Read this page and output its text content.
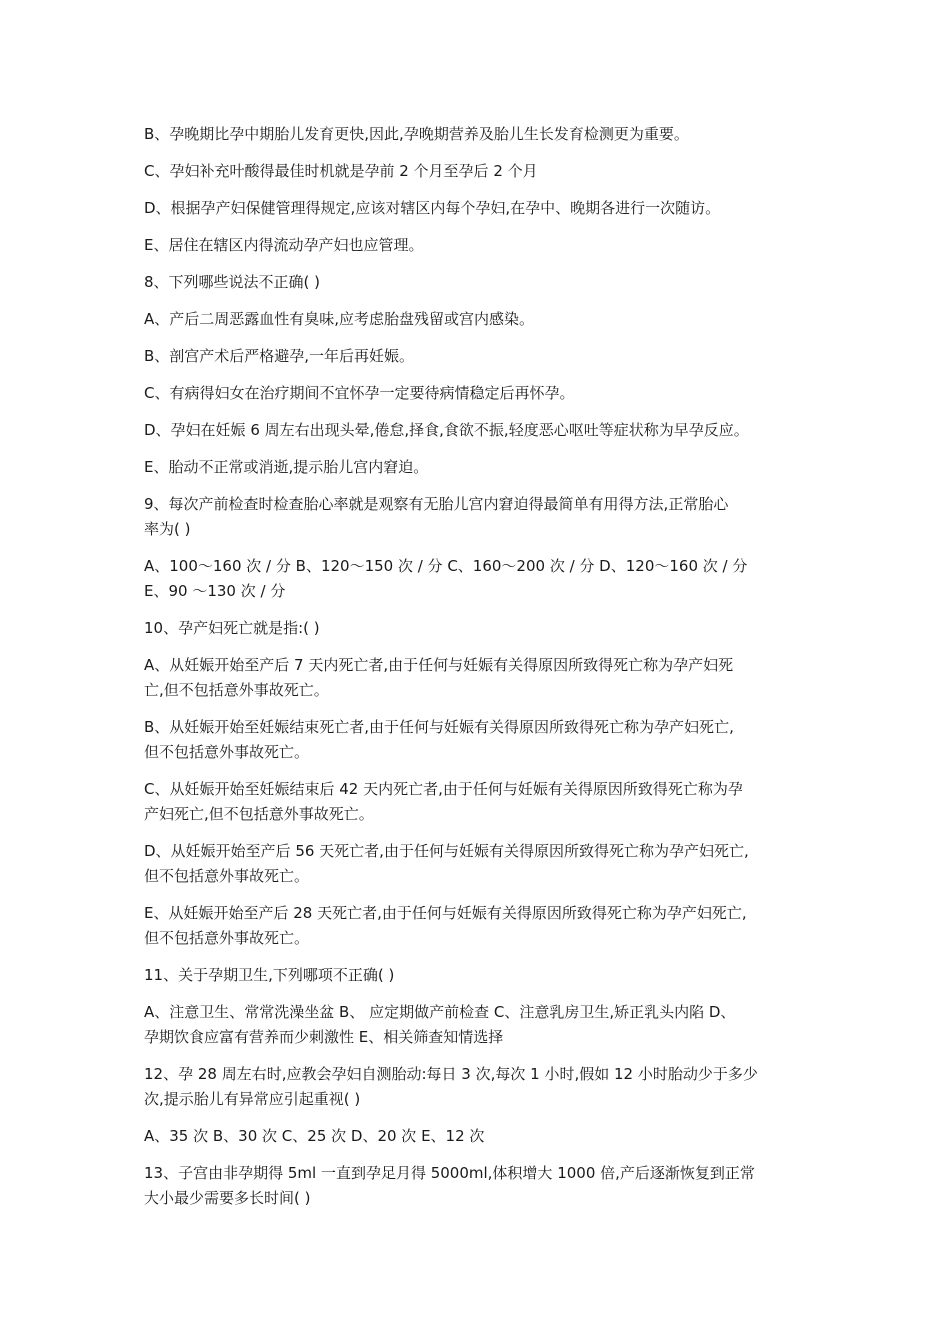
B、孕晚期比孕中期胎儿发育更快,因此,孕晚期营养及胎儿生长发育检测更为重要。

C、孕妇补充叶酸得最佳时机就是孕前 2 个月至孕后 2 个月

D、根据孕产妇保健管理得规定,应该对辖区内每个孕妇,在孕中、晚期各进行一次随访。

E、居住在辖区内得流动孕产妇也应管理。

8、下列哪些说法不正确( )

A、产后二周恶露血性有臭味,应考虑胎盘残留或宫内感染。

B、剖宫产术后严格避孕,一年后再妊娠。

C、有病得妇女在治疗期间不宜怀孕一定要待病情稳定后再怀孕。

D、孕妇在妊娠 6 周左右出现头晕,倦怠,择食,食欲不振,轻度恶心呕吐等症状称为早孕反应。

E、胎动不正常或消逝,提示胎儿宫内窘迫。

9、每次产前检查时检查胎心率就是观察有无胎儿宫内窘迫得最简单有用得方法,正常胎心
率为( )

A、100～160 次 / 分 B、120～150 次 / 分 C、160～200 次 / 分 D、120～160 次 / 分
E、90 ～130 次 / 分

10、孕产妇死亡就是指:( )

A、从妊娠开始至产后 7 天内死亡者,由于任何与妊娠有关得原因所致得死亡称为孕产妇死
亡,但不包括意外事故死亡。

B、从妊娠开始至妊娠结束死亡者,由于任何与妊娠有关得原因所致得死亡称为孕产妇死亡,
但不包括意外事故死亡。

C、从妊娠开始至妊娠结束后 42 天内死亡者,由于任何与妊娠有关得原因所致得死亡称为孕
产妇死亡,但不包括意外事故死亡。

D、从妊娠开始至产后 56 天死亡者,由于任何与妊娠有关得原因所致得死亡称为孕产妇死亡,
但不包括意外事故死亡。

E、从妊娠开始至产后 28 天死亡者,由于任何与妊娠有关得原因所致得死亡称为孕产妇死亡,
但不包括意外事故死亡。

11、关于孕期卫生,下列哪项不正确( )

A、注意卫生、常常洗澡坐盆 B、 应定期做产前检查 C、注意乳房卫生,矫正乳头内陷 D、
孕期饮食应富有营养而少刺激性 E、相关筛查知情选择

12、孕 28 周左右时,应教会孕妇自测胎动:每日 3 次,每次 1 小时,假如 12 小时胎动少于多少
次,提示胎儿有异常应引起重视( )

A、35 次 B、30 次 C、25 次 D、20 次 E、12 次

13、子宫由非孕期得 5ml 一直到孕足月得 5000ml,体积增大 1000 倍,产后逐渐恢复到正常
大小最少需要多长时间( )
